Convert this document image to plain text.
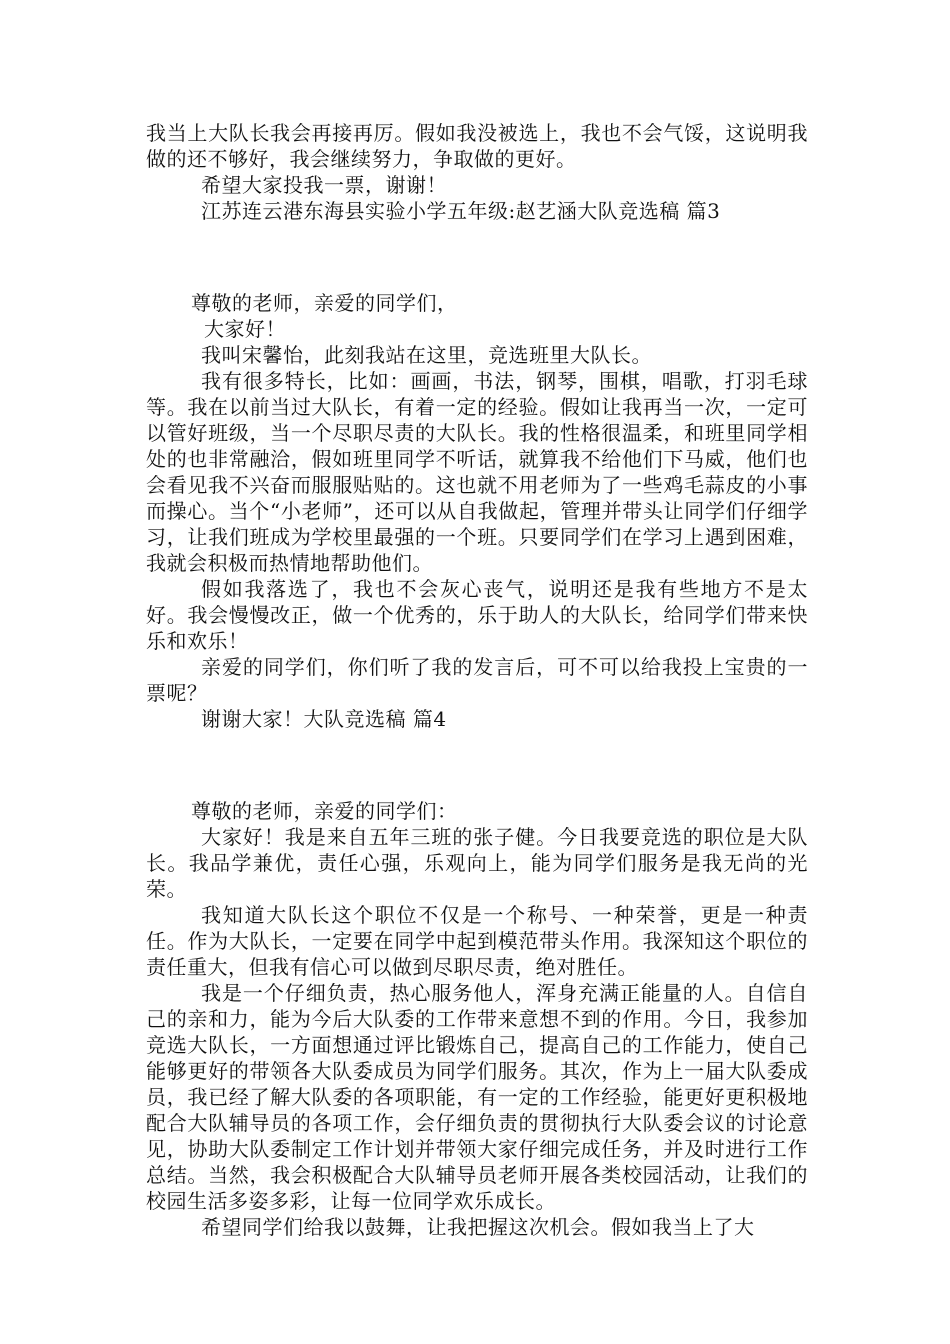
我当上大队长我会再接再厉。假如我没被选上，我也不会气馁，这说明我做的还不够好，我会继续努力，争取做的更好。

希望大家投我一票，谢谢！

江苏连云港东海县实验小学五年级:赵艺涵大队竞选稿 篇3

尊敬的老师，亲爱的同学们，

大家好！

我叫宋馨怡，此刻我站在这里，竞选班里大队长。

我有很多特长，比如：画画，书法，钢琴，围棋，唱歌，打羽毛球等。我在以前当过大队长，有着一定的经验。假如让我再当一次，一定可以管好班级，当一个尽职尽责的大队长。我的性格很温柔，和班里同学相处的也非常融洽，假如班里同学不听话，就算我不给他们下马威，他们也会看见我不兴奋而服服贴贴的。这也就不用老师为了一些鸡毛蒜皮的小事而操心。当个“小老师”，还可以从自我做起，管理并带头让同学们仔细学习，让我们班成为学校里最强的一个班。只要同学们在学习上遇到困难，我就会积极而热情地帮助他们。

假如我落选了，我也不会灰心丧气，说明还是我有些地方不是太好。我会慢慢改正，做一个优秀的，乐于助人的大队长，给同学们带来快乐和欢乐！

亲爱的同学们，你们听了我的发言后，可不可以给我投上宝贵的一票呢？

谢谢大家！大队竞选稿 篇4

尊敬的老师，亲爱的同学们：

大家好！我是来自五年三班的张子健。今日我要竞选的职位是大队长。我品学兼优，责任心强，乐观向上，能为同学们服务是我无尚的光荣。

我知道大队长这个职位不仅是一个称号、一种荣誉，更是一种责任。作为大队长，一定要在同学中起到模范带头作用。我深知这个职位的责任重大，但我有信心可以做到尽职尽责，绝对胜任。

我是一个仔细负责，热心服务他人，浑身充满正能量的人。自信自己的亲和力，能为今后大队委的工作带来意想不到的作用。今日，我参加竞选大队长，一方面想通过评比锻炼自己，提高自己的工作能力，使自己能够更好的带领各大队委成员为同学们服务。其次，作为上一届大队委成员，我已经了解大队委的各项职能，有一定的工作经验，能更好更积极地配合大队辅导员的各项工作，会仔细负责的贯彻执行大队委会议的讨论意见，协助大队委制定工作计划并带领大家仔细完成任务，并及时进行工作总结。当然，我会积极配合大队辅导员老师开展各类校园活动，让我们的校园生活多姿多彩，让每一位同学欢乐成长。

希望同学们给我以鼓舞，让我把握这次机会。假如我当上了大
